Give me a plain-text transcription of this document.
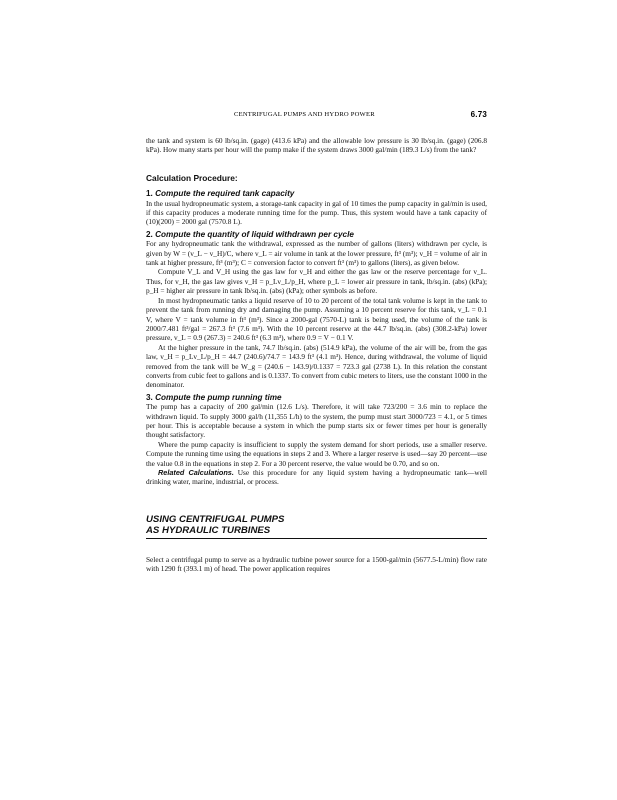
CENTRIFUGAL PUMPS AND HYDRO POWER	6.73

the tank and system is 60 lb/sq.in. (gage) (413.6 kPa) and the allowable low pressure is 30 lb/sq.in. (gage) (206.8 kPa). How many starts per hour will the pump make if the system draws 3000 gal/min (189.3 L/s) from the tank?

Calculation Procedure:
1. Compute the required tank capacity

In the usual hydropneumatic system, a storage-tank capacity in gal of 10 times the pump capacity in gal/min is used, if this capacity produces a moderate running time for the pump. Thus, this system would have a tank capacity of (10)(200) = 2000 gal (7570.8 L).

2. Compute the quantity of liquid withdrawn per cycle

For any hydropneumatic tank the withdrawal, expressed as the number of gallons (liters) withdrawn per cycle, is given by W = (v_L − v_H)/C, where v_L = air volume in tank at the lower pressure, ft³ (m³); v_H = volume of air in tank at higher pressure, ft³ (m³); C = conversion factor to convert ft³ (m³) to gallons (liters), as given below.

Compute V_L and V_H using the gas law for v_H and either the gas law or the reserve percentage for v_L. Thus, for v_H, the gas law gives v_H = p_Lv_L/p_H, where p_L = lower air pressure in tank, lb/sq.in. (abs) (kPa); p_H = higher air pressure in tank lb/sq.in. (abs) (kPa); other symbols as before.

In most hydropneumatic tanks a liquid reserve of 10 to 20 percent of the total tank volume is kept in the tank to prevent the tank from running dry and damaging the pump. Assuming a 10 percent reserve for this tank, v_L = 0.1 V, where V = tank volume in ft³ (m³). Since a 2000-gal (7570-L) tank is being used, the volume of the tank is 2000/7.481 ft³/gal = 267.3 ft³ (7.6 m³). With the 10 percent reserve at the 44.7 lb/sq.in. (abs) (308.2-kPa) lower pressure, v_L = 0.9 (267.3) = 240.6 ft³ (6.3 m³), where 0.9 = V − 0.1 V.

At the higher pressure in the tank, 74.7 lb/sq.in. (abs) (514.9 kPa), the volume of the air will be, from the gas law, v_H = p_Lv_L/p_H = 44.7 (240.6)/74.7 = 143.9 ft³ (4.1 m³). Hence, during withdrawal, the volume of liquid removed from the tank will be W_g = (240.6 − 143.9)/0.1337 = 723.3 gal (2738 L). In this relation the constant converts from cubic feet to gallons and is 0.1337. To convert from cubic meters to liters, use the constant 1000 in the denominator.

3. Compute the pump running time

The pump has a capacity of 200 gal/min (12.6 L/s). Therefore, it will take 723/200 = 3.6 min to replace the withdrawn liquid. To supply 3000 gal/h (11,355 L/h) to the system, the pump must start 3000/723 = 4.1, or 5 times per hour. This is acceptable because a system in which the pump starts six or fewer times per hour is generally thought satisfactory.

Where the pump capacity is insufficient to supply the system demand for short periods, use a smaller reserve. Compute the running time using the equations in steps 2 and 3. Where a larger reserve is used—say 20 percent—use the value 0.8 in the equations in step 2. For a 30 percent reserve, the value would be 0.70, and so on.

Related Calculations. Use this procedure for any liquid system having a hydropneumatic tank—well drinking water, marine, industrial, or process.

USING CENTRIFUGAL PUMPS
AS HYDRAULIC TURBINES

Select a centrifugal pump to serve as a hydraulic turbine power source for a 1500-gal/min (5677.5-L/min) flow rate with 1290 ft (393.1 m) of head. The power application requires
